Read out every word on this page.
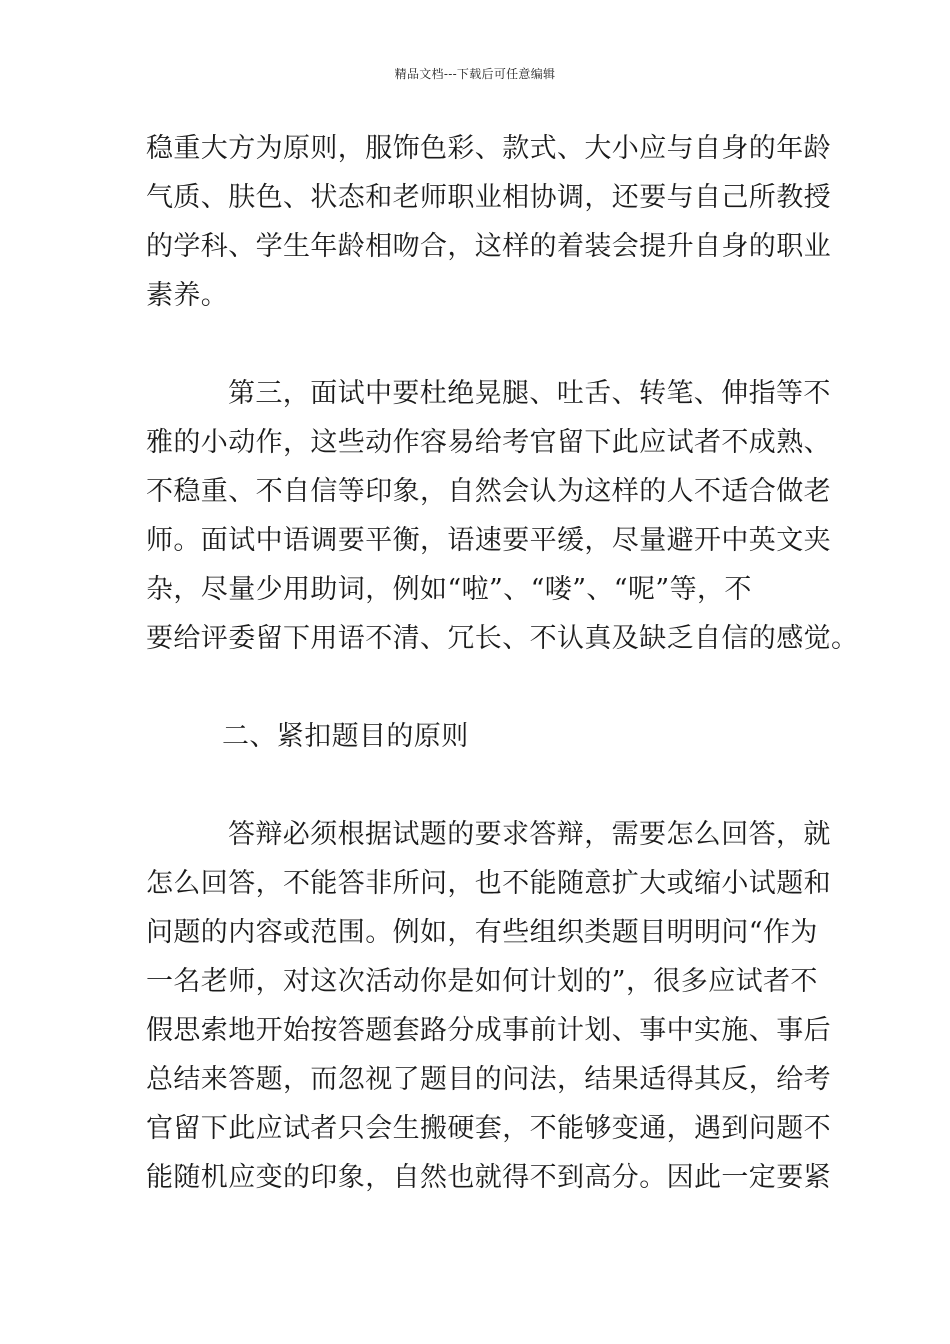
精品文档---下载后可任意编辑
稳重大方为原则，服饰色彩、款式、大小应与自身的年龄
气质、肤色、状态和老师职业相协调，还要与自己所教授
的学科、学生年龄相吻合，这样的着装会提升自身的职业
素养。
第三，面试中要杜绝晃腿、吐舌、转笔、伸指等不
雅的小动作，这些动作容易给考官留下此应试者不成熟、
不稳重、不自信等印象，自然会认为这样的人不适合做老
师。面试中语调要平衡，语速要平缓，尽量避开中英文夹
杂，尽量少用助词，例如“啦”、“喽”、“呢”等，不
要给评委留下用语不清、冗长、不认真及缺乏自信的感觉。
二、紧扣题目的原则
答辩必须根据试题的要求答辩，需要怎么回答，就
怎么回答，不能答非所问，也不能随意扩大或缩小试题和
问题的内容或范围。例如，有些组织类题目明明问“作为
一名老师，对这次活动你是如何计划的”，很多应试者不
假思索地开始按答题套路分成事前计划、事中实施、事后
总结来答题，而忽视了题目的问法，结果适得其反，给考
官留下此应试者只会生搬硬套，不能够变通，遇到问题不
能随机应变的印象，自然也就得不到高分。因此一定要紧
